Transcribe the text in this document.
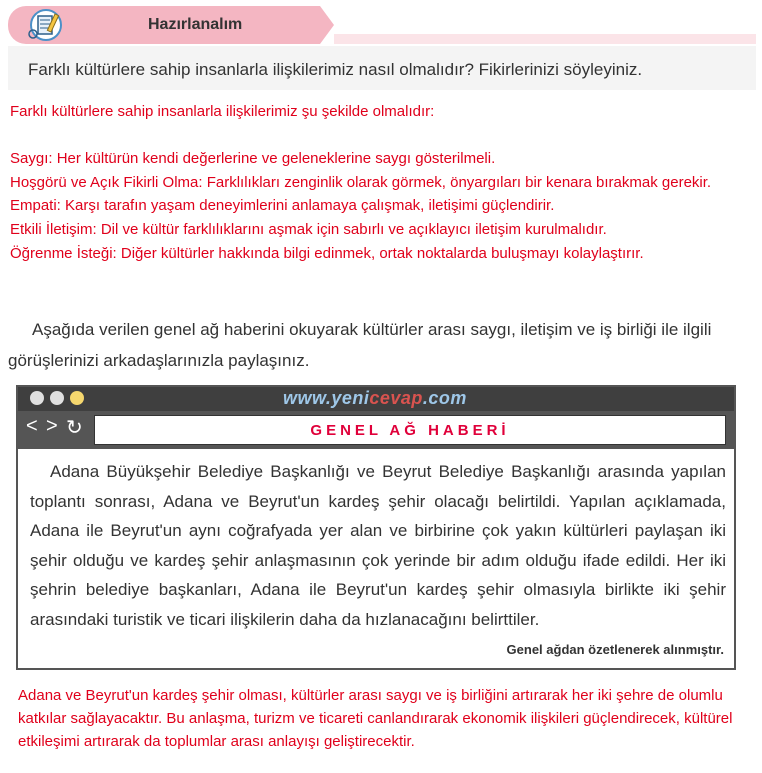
Hazırlanalım
Farklı kültürlere sahip insanlarla ilişkilerimiz nasıl olmalıdır? Fikirlerinizi söyleyiniz.

Farklı kültürlere sahip insanlarla ilişkilerimiz şu şekilde olmalıdır:

Saygı: Her kültürün kendi değerlerine ve geleneklerine saygı gösterilmeli.

Hoşgörü ve Açık Fikirli Olma: Farklılıkları zenginlik olarak görmek, önyargıları bir kenara bırakmak gerekir.

Empati: Karşı tarafın yaşam deneyimlerini anlamaya çalışmak, iletişimi güçlendirir.

Etkili İletişim: Dil ve kültür farklılıklarını aşmak için sabırlı ve açıklayıcı iletişim kurulmalıdır.

Öğrenme İsteği: Diğer kültürler hakkında bilgi edinmek, ortak noktalarda buluşmayı kolaylaştırır.

Aşağıda verilen genel ağ haberini okuyarak kültürler arası saygı, iletişim ve iş birliği ile ilgili görüşlerinizi arkadaşlarınızla paylaşınız.
www.yenicevap.com
< > ↻	GENEL AĞ HABERİ
Adana Büyükşehir Belediye Başkanlığı ve Beyrut Belediye Başkanlığı arasında yapılan toplantı sonrası, Adana ve Beyrut'un kardeş şehir olacağı belirtildi. Yapılan açıklamada, Adana ile Beyrut'un aynı coğrafyada yer alan ve birbirine çok yakın kültürleri paylaşan iki şehir olduğu ve kardeş şehir anlaşmasının çok yerinde bir adım olduğu ifade edildi. Her iki şehrin belediye başkanları, Adana ile Beyrut'un kardeş şehir olmasıyla birlikte iki şehir arasındaki turistik ve ticari ilişkilerin daha da hızlanacağını belirttiler.
Genel ağdan özetlenerek alınmıştır.
Adana ve Beyrut'un kardeş şehir olması, kültürler arası saygı ve iş birliğini artırarak her iki şehre de olumlu katkılar sağlayacaktır. Bu anlaşma, turizm ve ticareti canlandırarak ekonomik ilişkileri güçlendirecek, kültürel etkileşimi artırarak da toplumlar arası anlayışı geliştirecektir.
